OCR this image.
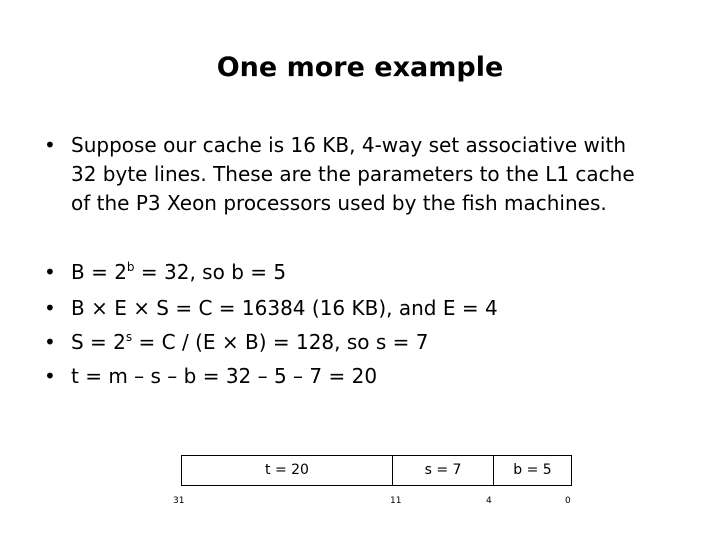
One more example
• Suppose our cache is 16 KB, 4-way set associative with
32 byte lines. These are the parameters to the L1 cache
of the P3 Xeon processors used by the fish machines.
• $B = 2^b = 32$, so b = 5
• B × E × S = C = 16384 (16 KB), and E = 4
• $S = 2^s = C / (E \times B) = 128$, so s = 7
• t = m – s – b = 32 – 5 – 7 = 20
t = 20	s = 7	b = 5
31	11	4	0
